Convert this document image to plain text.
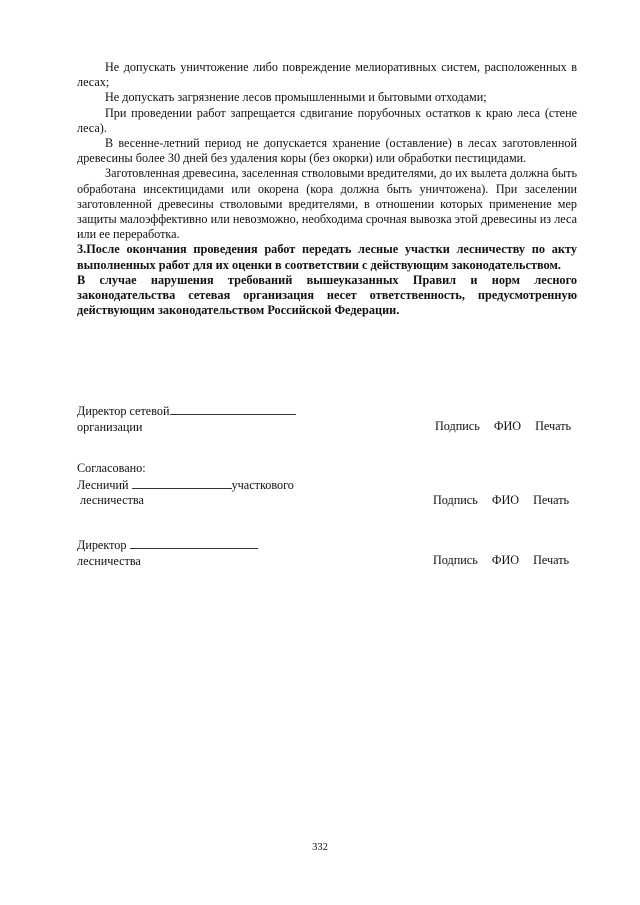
Не допускать уничтожение либо повреждение мелиоративных систем, расположенных в лесах;

Не допускать загрязнение лесов промышленными и бытовыми отходами;

При проведении работ запрещается сдвигание порубочных остатков к краю леса (стене леса).

В весенне-летний период не допускается хранение (оставление) в лесах заготовленной древесины более 30 дней без удаления коры (без окорки) или обработки пестицидами.

Заготовленная древесина, заселенная стволовыми вредителями, до их вылета должна быть обработана инсектицидами или окорена (кора должна быть уничтожена). При заселении заготовленной древесины стволовыми вредителями, в отношении которых применение мер защиты малоэффективно или невозможно, необходима срочная вывозка этой древесины из леса или ее переработка.

3.После окончания проведения работ передать лесные участки лесничеству по акту выполненных работ для их оценки в соответствии с действующим законодательством.

В случае нарушения требований вышеуказанных Правил и норм лесного законодательства сетевая организация несет ответственность, предусмотренную действующим законодательством Российской Федерации.

Директор сетевой
организации	Подпись ФИО Печать
Согласовано:
Лесничий	участкового
лесничества	Подпись ФИО Печать
Директор
лесничества	Подпись ФИО Печать
332
